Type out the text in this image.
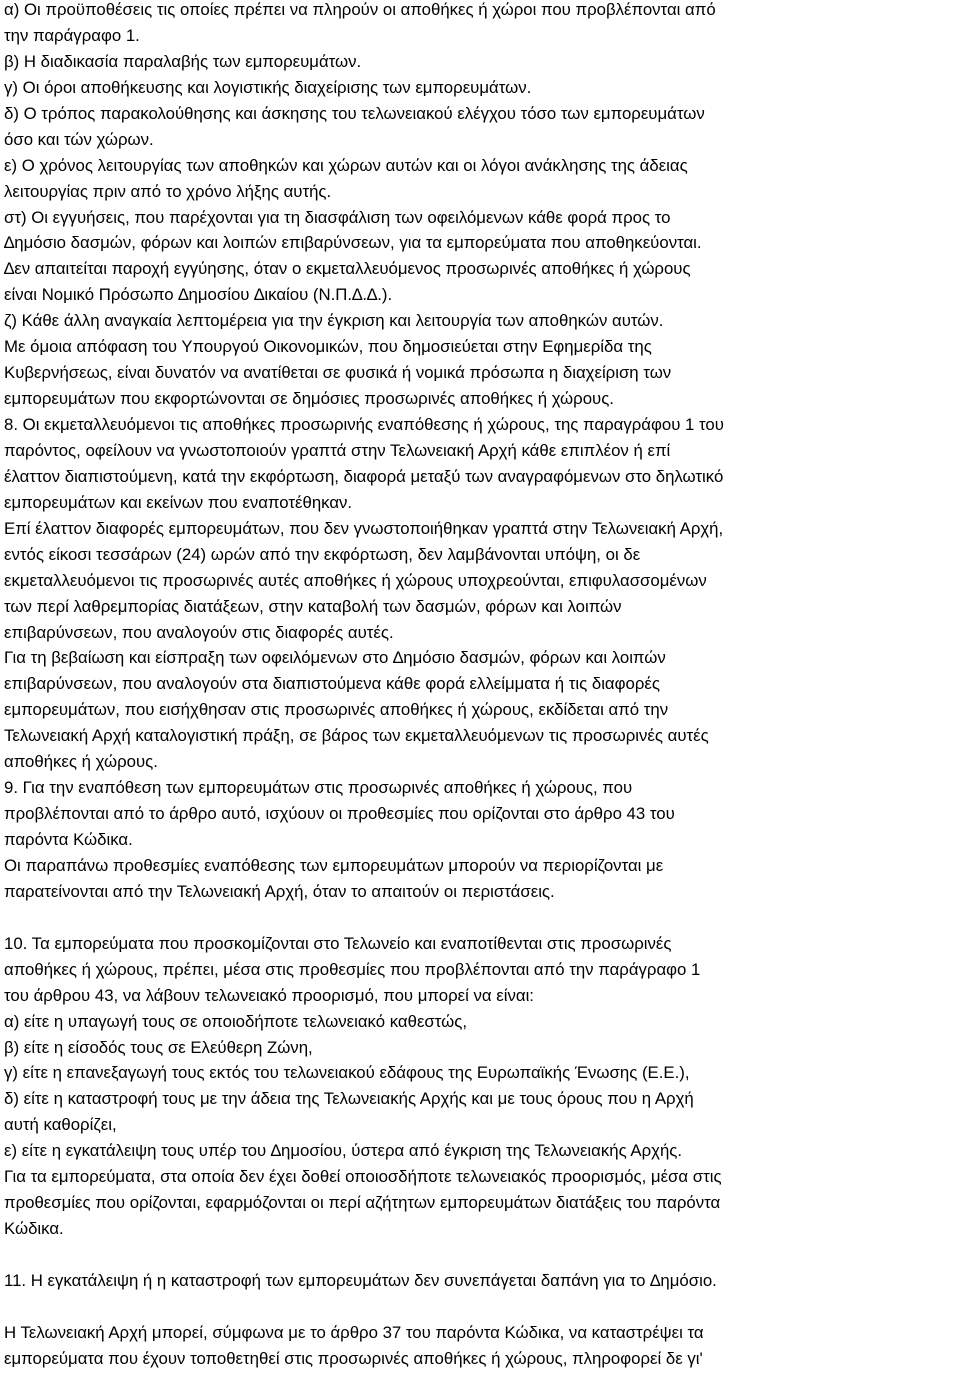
α) Οι προϋποθέσεις τις οποίες πρέπει να πληρούν οι αποθήκες ή χώροι που προβλέπονται από
την παράγραφο 1.
β) Η διαδικασία παραλαβής των εμπορευμάτων.
γ) Οι όροι αποθήκευσης και λογιστικής διαχείρισης των εμπορευμάτων.
δ) Ο τρόπος παρακολούθησης και άσκησης του τελωνειακού ελέγχου τόσο των εμπορευμάτων
όσο και τών χώρων.
ε) Ο χρόνος λειτουργίας των αποθηκών και χώρων αυτών και οι λόγοι ανάκλησης της άδειας
λειτουργίας πριν από το χρόνο λήξης αυτής.
στ) Οι εγγυήσεις, που παρέχονται για τη διασφάλιση των οφειλόμενων κάθε φορά προς το
∆ημόσιο δασμών, φόρων και λοιπών επιβαρύνσεων, για τα εμπορεύματα που αποθηκεύονται.
∆εν απαιτείται παροχή εγγύησης, όταν ο εκμεταλλευόμενος προσωρινές αποθήκες ή χώρους
είναι Νομικό Πρόσωπο ∆ημοσίου ∆ικαίου (Ν.Π.∆.∆.).
ζ) Κάθε άλλη αναγκαία λεπτομέρεια για την έγκριση και λειτουργία των αποθηκών αυτών.
Με όμοια απόφαση του Υπουργού Οικονομικών, που δημοσιεύεται στην Εφημερίδα της
Κυβερνήσεως, είναι δυνατόν να ανατίθεται σε φυσικά ή νομικά πρόσωπα η διαχείριση των
εμπορευμάτων που εκφορτώνονται σε δημόσιες προσωρινές αποθήκες ή χώρους.
8. Οι εκμεταλλευόμενοι τις αποθήκες προσωρινής εναπόθεσης ή χώρους, της παραγράφου 1 του
παρόντος, οφείλουν να γνωστοποιούν γραπτά στην Τελωνειακή Αρχή κάθε επιπλέον ή επί
έλαττον διαπιστούμενη, κατά την εκφόρτωση, διαφορά μεταξύ των αναγραφόμενων στο δηλωτικό
εμπορευμάτων και εκείνων που εναποτέθηκαν.
Επί έλαττον διαφορές εμπορευμάτων, που δεν γνωστοποιήθηκαν γραπτά στην Τελωνειακή Αρχή,
εντός είκοσι τεσσάρων (24) ωρών από την εκφόρτωση, δεν λαμβάνονται υπόψη, οι δε
εκμεταλλευόμενοι τις προσωρινές αυτές αποθήκες ή χώρους υποχρεούνται, επιφυλασσομένων
των περί λαθρεμπορίας διατάξεων, στην καταβολή των δασμών, φόρων και λοιπών
επιβαρύνσεων, που αναλογούν στις διαφορές αυτές.
Για τη βεβαίωση και είσπραξη των οφειλόμενων στο ∆ημόσιο δασμών, φόρων και λοιπών
επιβαρύνσεων, που αναλογούν στα διαπιστούμενα κάθε φορά ελλείμματα ή τις διαφορές
εμπορευμάτων, που εισήχθησαν στις προσωρινές αποθήκες ή χώρους, εκδίδεται από την
Τελωνειακή Αρχή καταλογιστική πράξη, σε βάρος των εκμεταλλευόμενων τις προσωρινές αυτές
αποθήκες ή χώρους.
9. Για την εναπόθεση των εμπορευμάτων στις προσωρινές αποθήκες ή χώρους, που
προβλέπονται από το άρθρο αυτό, ισχύουν οι προθεσμίες που ορίζονται στο άρθρο 43 του
παρόντα Κώδικα.
Οι παραπάνω προθεσμίες εναπόθεσης των εμπορευμάτων μπορούν να περιορίζονται με
παρατείνονται από την Τελωνειακή Αρχή, όταν το απαιτούν οι περιστάσεις.
10. Τα εμπορεύματα που προσκομίζονται στο Τελωνείο και εναποτίθενται στις προσωρινές
αποθήκες ή χώρους, πρέπει, μέσα στις προθεσμίες που προβλέπονται από την παράγραφο 1
του άρθρου 43, να λάβουν τελωνειακό προορισμό, που μπορεί να είναι:
α) είτε η υπαγωγή τους σε οποιοδήποτε τελωνειακό καθεστώς,
β) είτε η είσοδός τους σε Ελεύθερη Ζώνη,
γ) είτε η επανεξαγωγή τους εκτός του τελωνειακού εδάφους της Ευρωπαϊκής Ένωσης (Ε.Ε.),
δ) είτε η καταστροφή τους με την άδεια της Τελωνειακής Αρχής και με τους όρους που η Αρχή
αυτή καθορίζει,
ε) είτε η εγκατάλειψη τους υπέρ του ∆ημοσίου, ύστερα από έγκριση της Τελωνειακής Αρχής.
Για τα εμπορεύματα, στα οποία δεν έχει δοθεί οποιοσδήποτε τελωνειακός προορισμός, μέσα στις
προθεσμίες που ορίζονται, εφαρμόζονται οι περί αζήτητων εμπορευμάτων διατάξεις του παρόντα
Κώδικα.
11. Η εγκατάλειψη ή η καταστροφή των εμπορευμάτων δεν συνεπάγεται δαπάνη για το ∆ημόσιο.
Η Τελωνειακή Αρχή μπορεί, σύμφωνα με το άρθρο 37 του παρόντα Κώδικα, να καταστρέψει τα
εμπορεύματα που έχουν τοποθετηθεί στις προσωρινές αποθήκες ή χώρους, πληροφορεί δε γι'
